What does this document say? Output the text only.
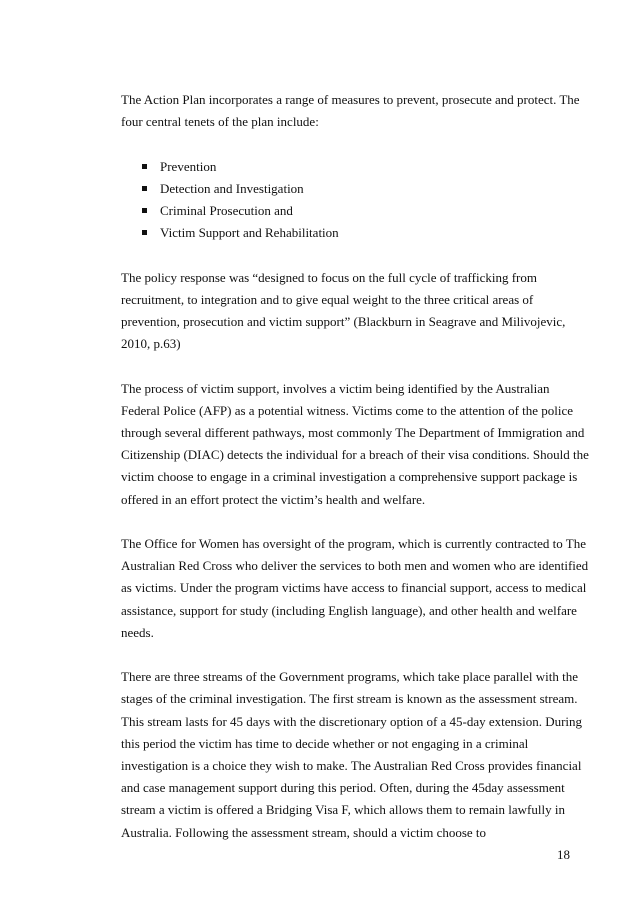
The Action Plan incorporates a range of measures to prevent, prosecute and protect. The four central tenets of the plan include:

Prevention
Detection and Investigation
Criminal Prosecution and
Victim Support and Rehabilitation

The policy response was “designed to focus on the full cycle of trafficking from recruitment, to integration and to give equal weight to the three critical areas of prevention, prosecution and victim support” (Blackburn in Seagrave and Milivojevic, 2010, p.63)

The process of victim support, involves a victim being identified by the Australian Federal Police (AFP) as a potential witness. Victims come to the attention of the police through several different pathways, most commonly The Department of Immigration and Citizenship (DIAC) detects the individual for a breach of their visa conditions. Should the victim choose to engage in a criminal investigation a comprehensive support package is offered in an effort protect the victim’s health and welfare.

The Office for Women has oversight of the program, which is currently contracted to The Australian Red Cross who deliver the services to both men and women who are identified as victims. Under the program victims have access to financial support, access to medical assistance, support for study (including English language), and other health and welfare needs.

There are three streams of the Government programs, which take place parallel with the stages of the criminal investigation. The first stream is known as the assessment stream. This stream lasts for 45 days with the discretionary option of a 45-day extension. During this period the victim has time to decide whether or not engaging in a criminal investigation is a choice they wish to make. The Australian Red Cross provides financial and case management support during this period. Often, during the 45day assessment stream a victim is offered a Bridging Visa F, which allows them to remain lawfully in Australia. Following the assessment stream, should a victim choose to

18
